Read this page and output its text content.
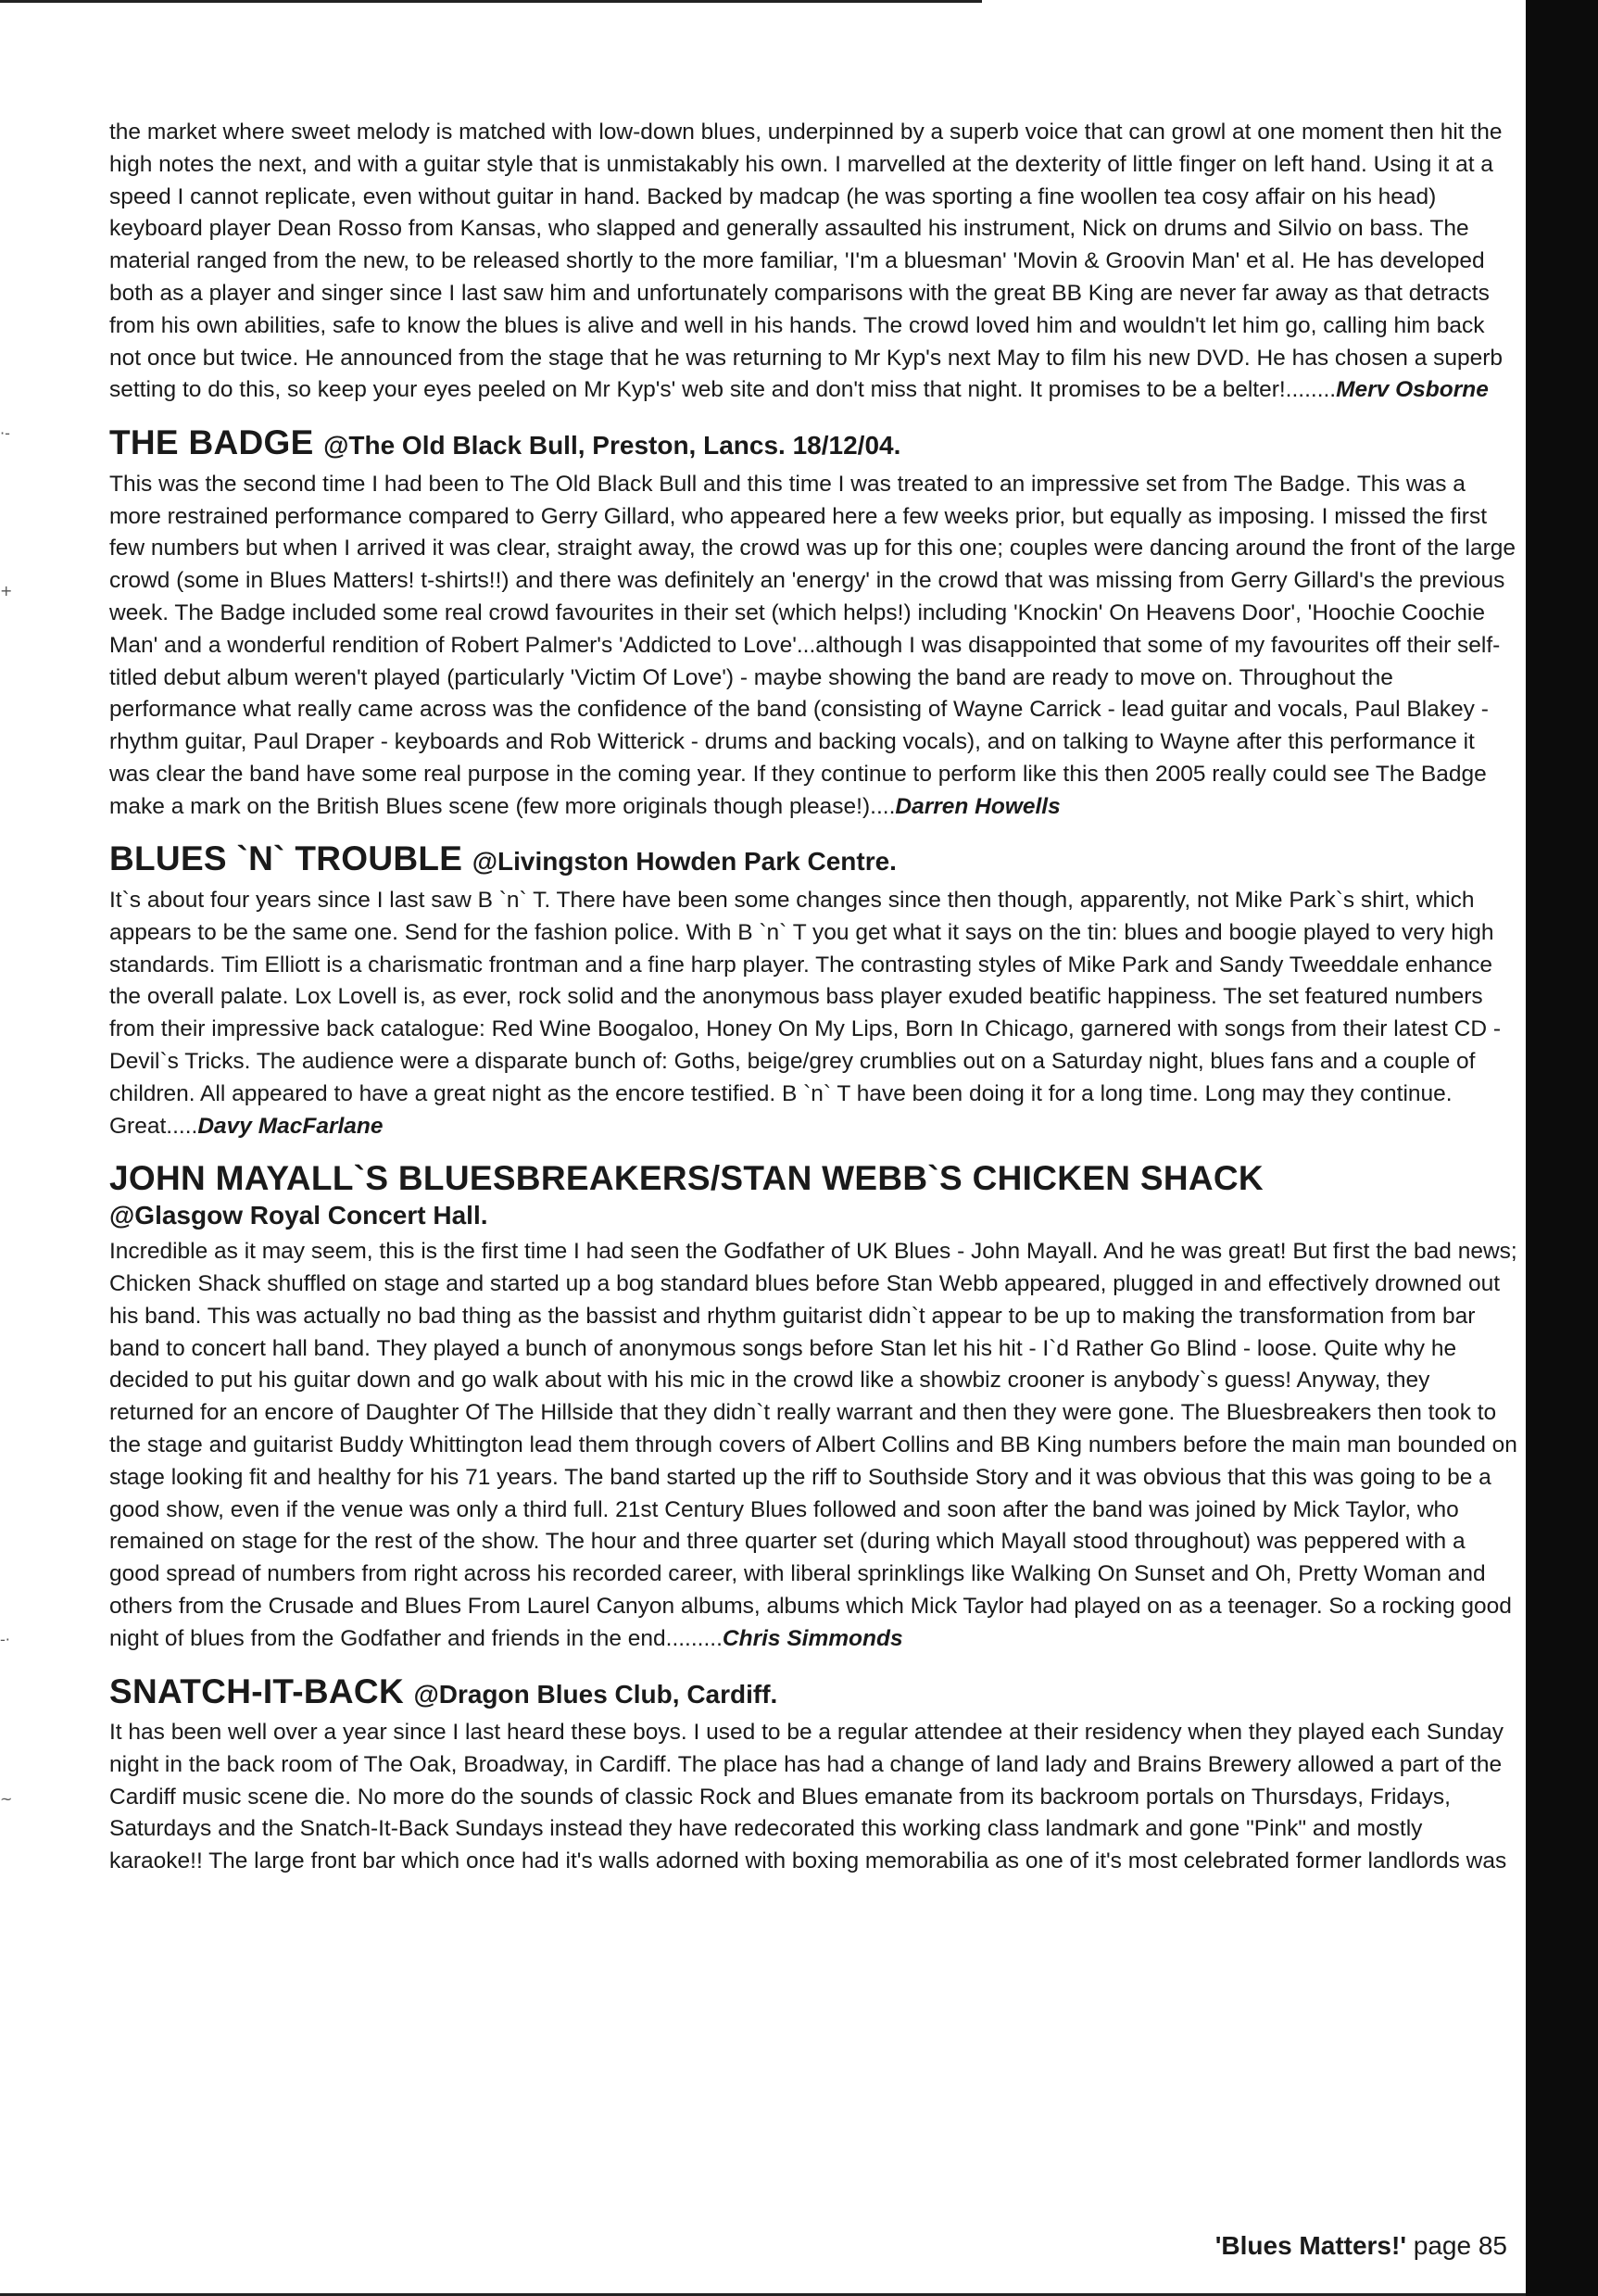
·-
+
-·
~

the market where sweet melody is matched with low-down blues, underpinned by a superb voice that can growl at one moment then hit the high notes the next, and with a guitar style that is unmistakably his own. I marvelled at the dexterity of little finger on left hand. Using it at a speed I cannot replicate, even without guitar in hand. Backed by madcap (he was sporting a fine woollen tea cosy affair on his head) keyboard player Dean Rosso from Kansas, who slapped and generally assaulted his instrument, Nick on drums and Silvio on bass. The material ranged from the new, to be released shortly to the more familiar, 'I'm a bluesman' 'Movin & Groovin Man' et al. He has developed both as a player and singer since I last saw him and unfortunately comparisons with the great BB King are never far away as that detracts from his own abilities, safe to know the blues is alive and well in his hands. The crowd loved him and wouldn't let him go, calling him back not once but twice. He announced from the stage that he was returning to Mr Kyp's next May to film his new DVD. He has chosen a superb setting to do this, so keep your eyes peeled on Mr Kyp's' web site and don't miss that night. It promises to be a belter!........Merv Osborne

THE BADGE @The Old Black Bull, Preston, Lancs. 18/12/04.

This was the second time I had been to The Old Black Bull and this time I was treated to an impressive set from The Badge. This was a more restrained performance compared to Gerry Gillard, who appeared here a few weeks prior, but equally as imposing. I missed the first few numbers but when I arrived it was clear, straight away, the crowd was up for this one; couples were dancing around the front of the large crowd (some in Blues Matters! t-shirts!!) and there was definitely an 'energy' in the crowd that was missing from Gerry Gillard's the previous week. The Badge included some real crowd favourites in their set (which helps!) including 'Knockin' On Heavens Door', 'Hoochie Coochie Man' and a wonderful rendition of Robert Palmer's 'Addicted to Love'...although I was disappointed that some of my favourites off their self-titled debut album weren't played (particularly 'Victim Of Love') - maybe showing the band are ready to move on. Throughout the performance what really came across was the confidence of the band (consisting of Wayne Carrick - lead guitar and vocals, Paul Blakey - rhythm guitar, Paul Draper - keyboards and Rob Witterick - drums and backing vocals), and on talking to Wayne after this performance it was clear the band have some real purpose in the coming year. If they continue to perform like this then 2005 really could see The Badge make a mark on the British Blues scene (few more originals though please!)....Darren Howells

BLUES `N` TROUBLE @Livingston Howden Park Centre.

It`s about four years since I last saw B `n` T. There have been some changes since then though, apparently, not Mike Park`s shirt, which appears to be the same one. Send for the fashion police. With B `n` T you get what it says on the tin: blues and boogie played to very high standards. Tim Elliott is a charismatic frontman and a fine harp player. The contrasting styles of Mike Park and Sandy Tweeddale enhance the overall palate. Lox Lovell is, as ever, rock solid and the anonymous bass player exuded beatific happiness. The set featured numbers from their impressive back catalogue: Red Wine Boogaloo, Honey On My Lips, Born In Chicago, garnered with songs from their latest CD - Devil`s Tricks. The audience were a disparate bunch of: Goths, beige/grey crumblies out on a Saturday night, blues fans and a couple of children. All appeared to have a great night as the encore testified. B `n` T have been doing it for a long time. Long may they continue. Great.....Davy MacFarlane

JOHN MAYALL`S BLUESBREAKERS/STAN WEBB`S CHICKEN SHACK
@Glasgow Royal Concert Hall.

Incredible as it may seem, this is the first time I had seen the Godfather of UK Blues - John Mayall. And he was great! But first the bad news; Chicken Shack shuffled on stage and started up a bog standard blues before Stan Webb appeared, plugged in and effectively drowned out his band. This was actually no bad thing as the bassist and rhythm guitarist didn`t appear to be up to making the transformation from bar band to concert hall band. They played a bunch of anonymous songs before Stan let his hit - I`d Rather Go Blind - loose. Quite why he decided to put his guitar down and go walk about with his mic in the crowd like a showbiz crooner is anybody`s guess! Anyway, they returned for an encore of Daughter Of The Hillside that they didn`t really warrant and then they were gone. The Bluesbreakers then took to the stage and guitarist Buddy Whittington lead them through covers of Albert Collins and BB King numbers before the main man bounded on stage looking fit and healthy for his 71 years. The band started up the riff to Southside Story and it was obvious that this was going to be a good show, even if the venue was only a third full. 21st Century Blues followed and soon after the band was joined by Mick Taylor, who remained on stage for the rest of the show. The hour and three quarter set (during which Mayall stood throughout) was peppered with a good spread of numbers from right across his recorded career, with liberal sprinklings like Walking On Sunset and Oh, Pretty Woman and others from the Crusade and Blues From Laurel Canyon albums, albums which Mick Taylor had played on as a teenager. So a rocking good night of blues from the Godfather and friends in the end.........Chris Simmonds

SNATCH-IT-BACK @Dragon Blues Club, Cardiff.

It has been well over a year since I last heard these boys. I used to be a regular attendee at their residency when they played each Sunday night in the back room of The Oak, Broadway, in Cardiff. The place has had a change of land lady and Brains Brewery allowed a part of the Cardiff music scene die. No more do the sounds of classic Rock and Blues emanate from its backroom portals on Thursdays, Fridays, Saturdays and the Snatch-It-Back Sundays instead they have redecorated this working class landmark and gone "Pink" and mostly karaoke!! The large front bar which once had it's walls adorned with boxing memorabilia as one of it's most celebrated former landlords was

'Blues Matters!' page 85
